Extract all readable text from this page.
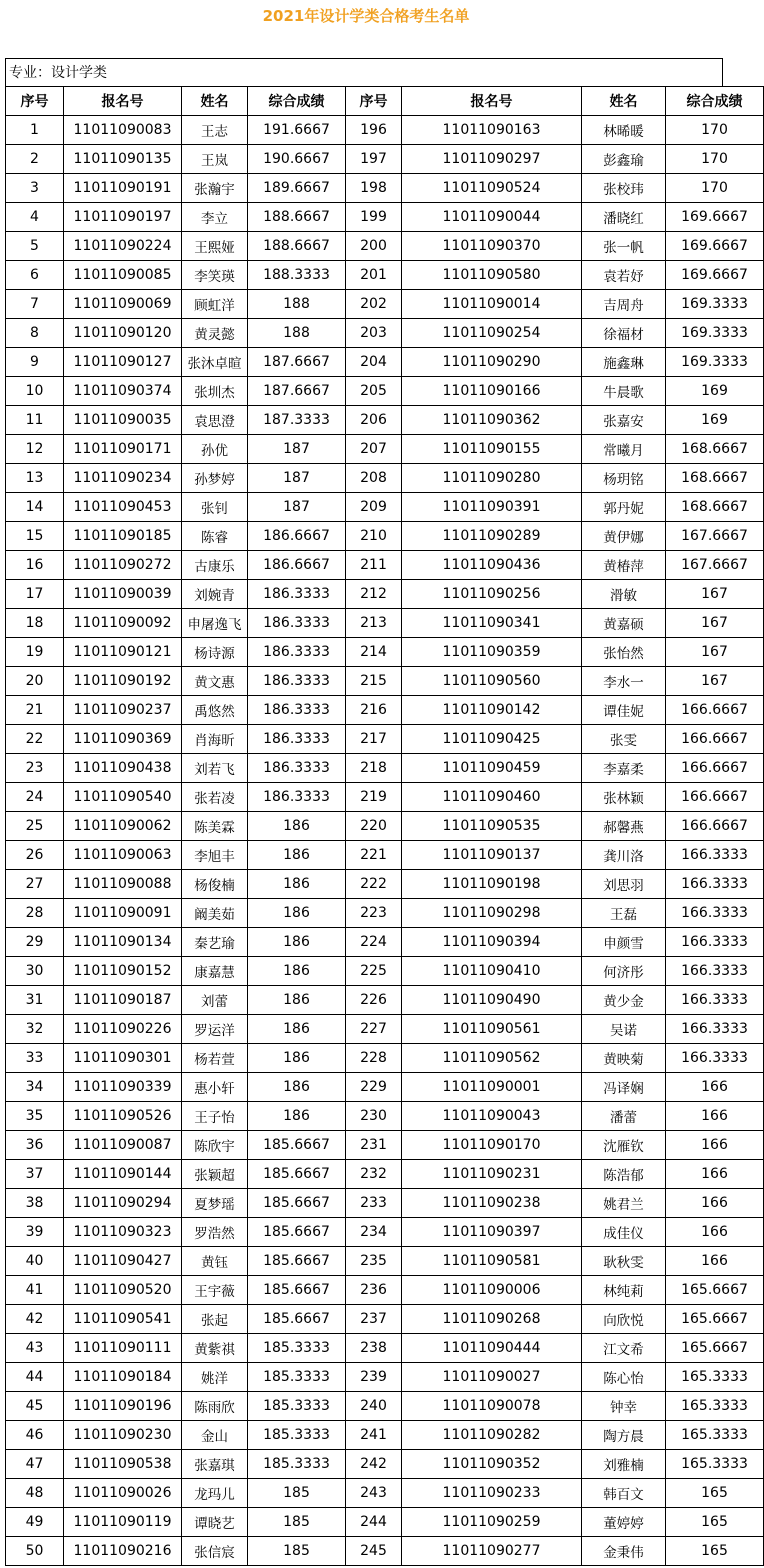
2021年设计学类合格考生名单
专业：设计学类
序号	报名号	姓名	综合成绩	序号	报名号	姓名	综合成绩
1	11011090083	王志	191.6667	196	11011090163	林晞暖	170
2	11011090135	王岚	190.6667	197	11011090297	彭鑫瑜	170
3	11011090191	张瀚宇	189.6667	198	11011090524	张校玮	170
4	11011090197	李立	188.6667	199	11011090044	潘晓红	169.6667
5	11011090224	王熙娅	188.6667	200	11011090370	张一帆	169.6667
6	11011090085	李笑瑛	188.3333	201	11011090580	袁若妤	169.6667
7	11011090069	顾虹洋	188	202	11011090014	吉周舟	169.3333
8	11011090120	黄灵懿	188	203	11011090254	徐福材	169.3333
9	11011090127	张沐卓暄	187.6667	204	11011090290	施鑫琳	169.3333
10	11011090374	张圳杰	187.6667	205	11011090166	牛晨歌	169
11	11011090035	袁思澄	187.3333	206	11011090362	张嘉安	169
12	11011090171	孙优	187	207	11011090155	常曦月	168.6667
13	11011090234	孙梦婷	187	208	11011090280	杨玥铭	168.6667
14	11011090453	张钊	187	209	11011090391	郭丹妮	168.6667
15	11011090185	陈睿	186.6667	210	11011090289	黄伊娜	167.6667
16	11011090272	古康乐	186.6667	211	11011090436	黄椿萍	167.6667
17	11011090039	刘婉青	186.3333	212	11011090256	滑敏	167
18	11011090092	申屠逸飞	186.3333	213	11011090341	黄嘉硕	167
19	11011090121	杨诗源	186.3333	214	11011090359	张怡然	167
20	11011090192	黄文惠	186.3333	215	11011090560	李水一	167
21	11011090237	禹悠然	186.3333	216	11011090142	谭佳妮	166.6667
22	11011090369	肖海昕	186.3333	217	11011090425	张雯	166.6667
23	11011090438	刘若飞	186.3333	218	11011090459	李嘉柔	166.6667
24	11011090540	张若凌	186.3333	219	11011090460	张林颖	166.6667
25	11011090062	陈美霖	186	220	11011090535	郝馨燕	166.6667
26	11011090063	李旭丰	186	221	11011090137	龚川洛	166.3333
27	11011090088	杨俊楠	186	222	11011090198	刘思羽	166.3333
28	11011090091	阚美茹	186	223	11011090298	王磊	166.3333
29	11011090134	秦艺瑜	186	224	11011090394	申颜雪	166.3333
30	11011090152	康嘉慧	186	225	11011090410	何济彤	166.3333
31	11011090187	刘蕾	186	226	11011090490	黄少金	166.3333
32	11011090226	罗运洋	186	227	11011090561	吴诺	166.3333
33	11011090301	杨若萱	186	228	11011090562	黄映菊	166.3333
34	11011090339	惠小轩	186	229	11011090001	冯译娴	166
35	11011090526	王子怡	186	230	11011090043	潘蕾	166
36	11011090087	陈欣宇	185.6667	231	11011090170	沈雁钦	166
37	11011090144	张颖超	185.6667	232	11011090231	陈浩郁	166
38	11011090294	夏梦瑶	185.6667	233	11011090238	姚君兰	166
39	11011090323	罗浩然	185.6667	234	11011090397	成佳仪	166
40	11011090427	黄钰	185.6667	235	11011090581	耿秋雯	166
41	11011090520	王宇薇	185.6667	236	11011090006	林纯莉	165.6667
42	11011090541	张起	185.6667	237	11011090268	向欣悦	165.6667
43	11011090111	黄紫祺	185.3333	238	11011090444	江文希	165.6667
44	11011090184	姚洋	185.3333	239	11011090027	陈心怡	165.3333
45	11011090196	陈雨欣	185.3333	240	11011090078	钟幸	165.3333
46	11011090230	金山	185.3333	241	11011090282	陶方晨	165.3333
47	11011090538	张嘉琪	185.3333	242	11011090352	刘雅楠	165.3333
48	11011090026	龙玛儿	185	243	11011090233	韩百文	165
49	11011090119	谭晓艺	185	244	11011090259	董婷婷	165
50	11011090216	张信宸	185	245	11011090277	金秉伟	165
